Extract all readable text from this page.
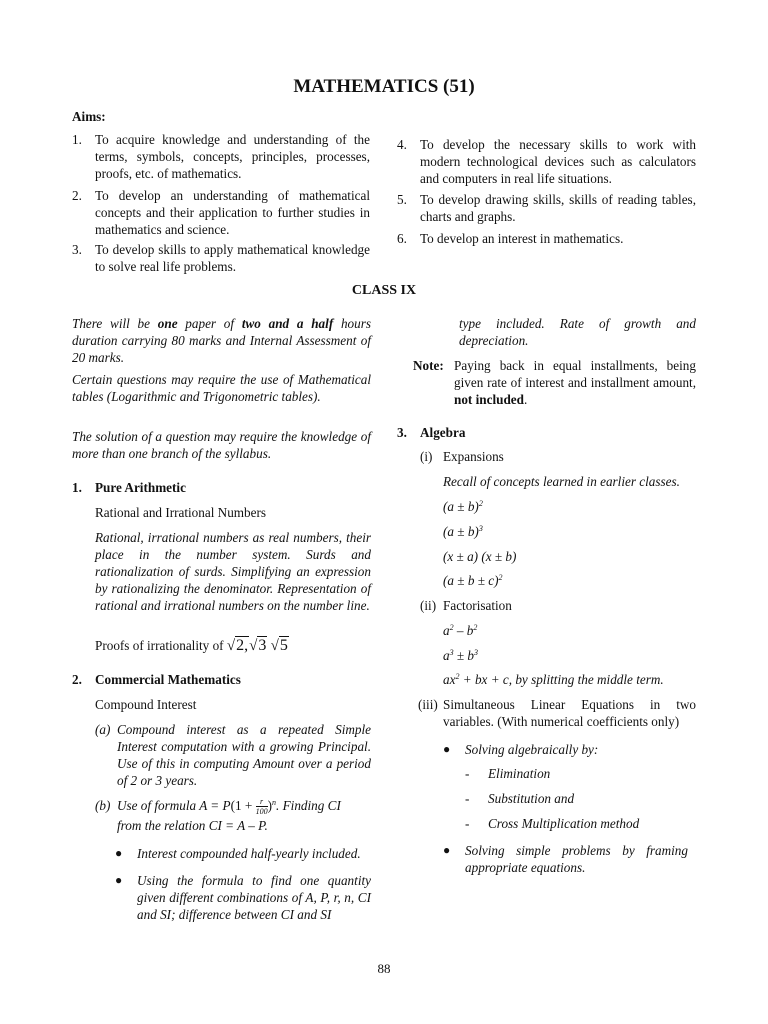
MATHEMATICS (51)
Aims:
1. To acquire knowledge and understanding of the terms, symbols, concepts, principles, processes, proofs, etc. of mathematics.
2. To develop an understanding of mathematical concepts and their application to further studies in mathematics and science.
3. To develop skills to apply mathematical knowledge to solve real life problems.
4. To develop the necessary skills to work with modern technological devices such as calculators and computers in real life situations.
5. To develop drawing skills, skills of reading tables, charts and graphs.
6. To develop an interest in mathematics.
CLASS IX
There will be one paper of two and a half hours duration carrying 80 marks and Internal Assessment of 20 marks.
Certain questions may require the use of Mathematical tables (Logarithmic and Trigonometric tables).
The solution of a question may require the knowledge of more than one branch of the syllabus.
1. Pure Arithmetic
Rational and Irrational Numbers
Rational, irrational numbers as real numbers, their place in the number system. Surds and rationalization of surds. Simplifying an expression by rationalizing the denominator. Representation of rational and irrational numbers on the number line.
Proofs of irrationality of √2,√3 √5
2. Commercial Mathematics
Compound Interest
(a) Compound interest as a repeated Simple Interest computation with a growing Principal. Use of this in computing Amount over a period of 2 or 3 years.
(b) Use of formula $A = P(1 + \frac{r}{100})^n$. Finding CI
from the relation CI = A – P.
●	Interest compounded half-yearly included.
●	Using the formula to find one quantity given different combinations of A, P, r, n, CI and SI; difference between CI and SI
type included. Rate of growth and depreciation.
Note: Paying back in equal installments, being given rate of interest and installment amount, not included.
3. Algebra
(i) Expansions
Recall of concepts learned in earlier classes.
$(a \pm b)^2$
$(a \pm b)^3$
(x ± a) (x ± b)
$(a \pm b \pm c)^2$
(ii) Factorisation
$a^2 - b^2$
$a^3 \pm b^3$
$ax^2$ + bx + c, by splitting the middle term.
(iii) Simultaneous Linear Equations in two variables. (With numerical coefficients only)
●	Solving algebraically by:
- Elimination
- Substitution and
- Cross Multiplication method
●	Solving simple problems by framing appropriate equations.
88
